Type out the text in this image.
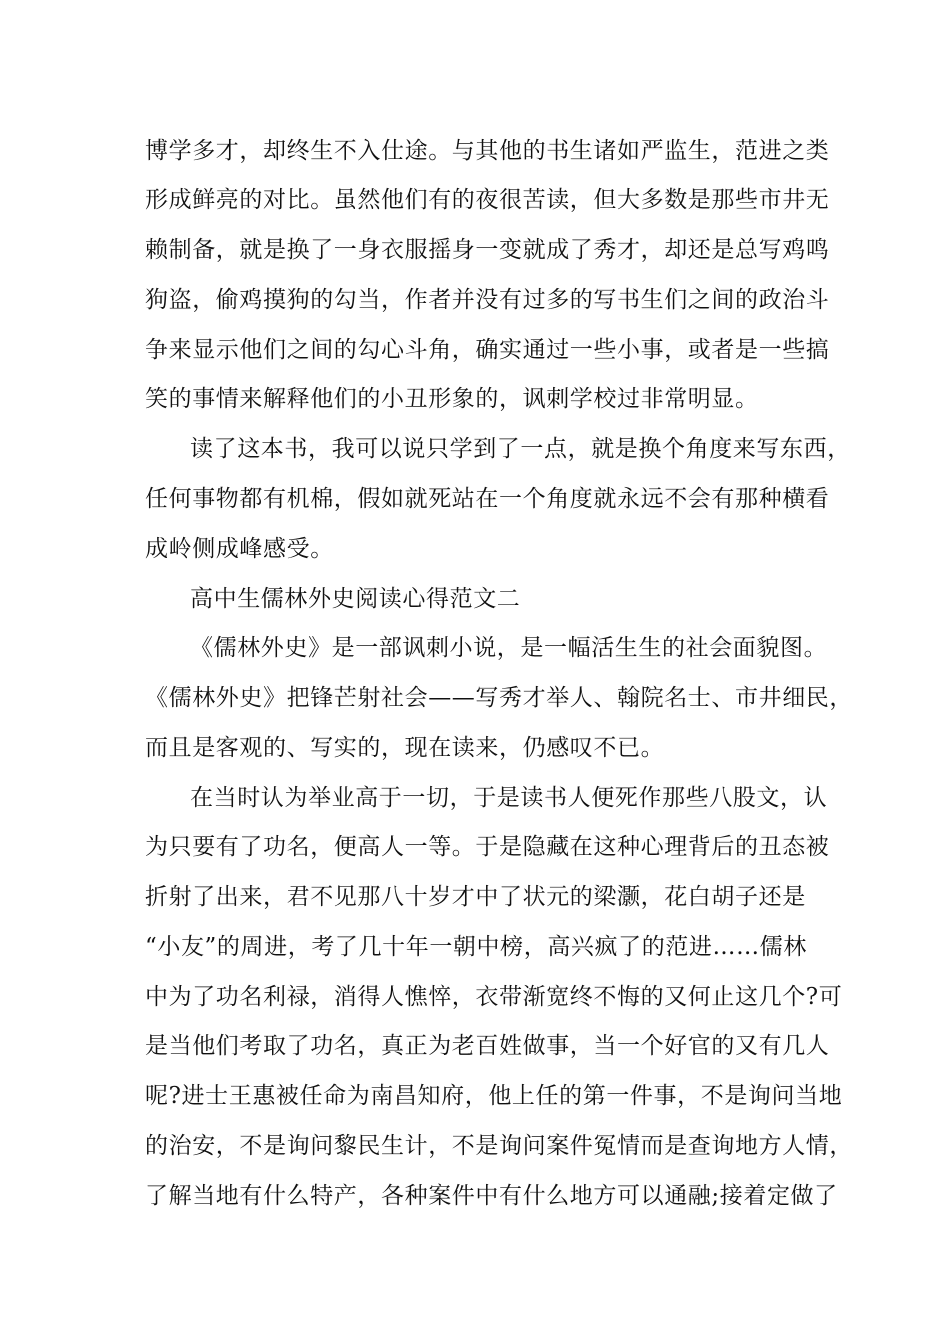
博学多才，却终生不入仕途。与其他的书生诸如严监生，范进之类
形成鲜亮的对比。虽然他们有的夜很苦读，但大多数是那些市井无
赖制备，就是换了一身衣服摇身一变就成了秀才，却还是总写鸡鸣
狗盗，偷鸡摸狗的勾当，作者并没有过多的写书生们之间的政治斗
争来显示他们之间的勾心斗角，确实通过一些小事，或者是一些搞
笑的事情来解释他们的小丑形象的，讽刺学校过非常明显。
读了这本书，我可以说只学到了一点，就是换个角度来写东西，
任何事物都有机棉，假如就死站在一个角度就永远不会有那种横看
成岭侧成峰感受。
高中生儒林外史阅读心得范文二
《儒林外史》是一部讽刺小说，是一幅活生生的社会面貌图。
《儒林外史》把锋芒射社会——写秀才举人、翰院名士、市井细民，
而且是客观的、写实的，现在读来，仍感叹不已。
在当时认为举业高于一切，于是读书人便死作那些八股文，认
为只要有了功名，便高人一等。于是隐藏在这种心理背后的丑态被
折射了出来，君不见那八十岁才中了状元的梁灏，花白胡子还是
“小友”的周进，考了几十年一朝中榜，高兴疯了的范进……儒林
中为了功名利禄，消得人憔悴，衣带渐宽终不悔的又何止这几个?可
是当他们考取了功名，真正为老百姓做事，当一个好官的又有几人
呢?进士王惠被任命为南昌知府，他上任的第一件事，不是询问当地
的治安，不是询问黎民生计，不是询问案件冤情而是查询地方人情，
了解当地有什么特产，各种案件中有什么地方可以通融;接着定做了
